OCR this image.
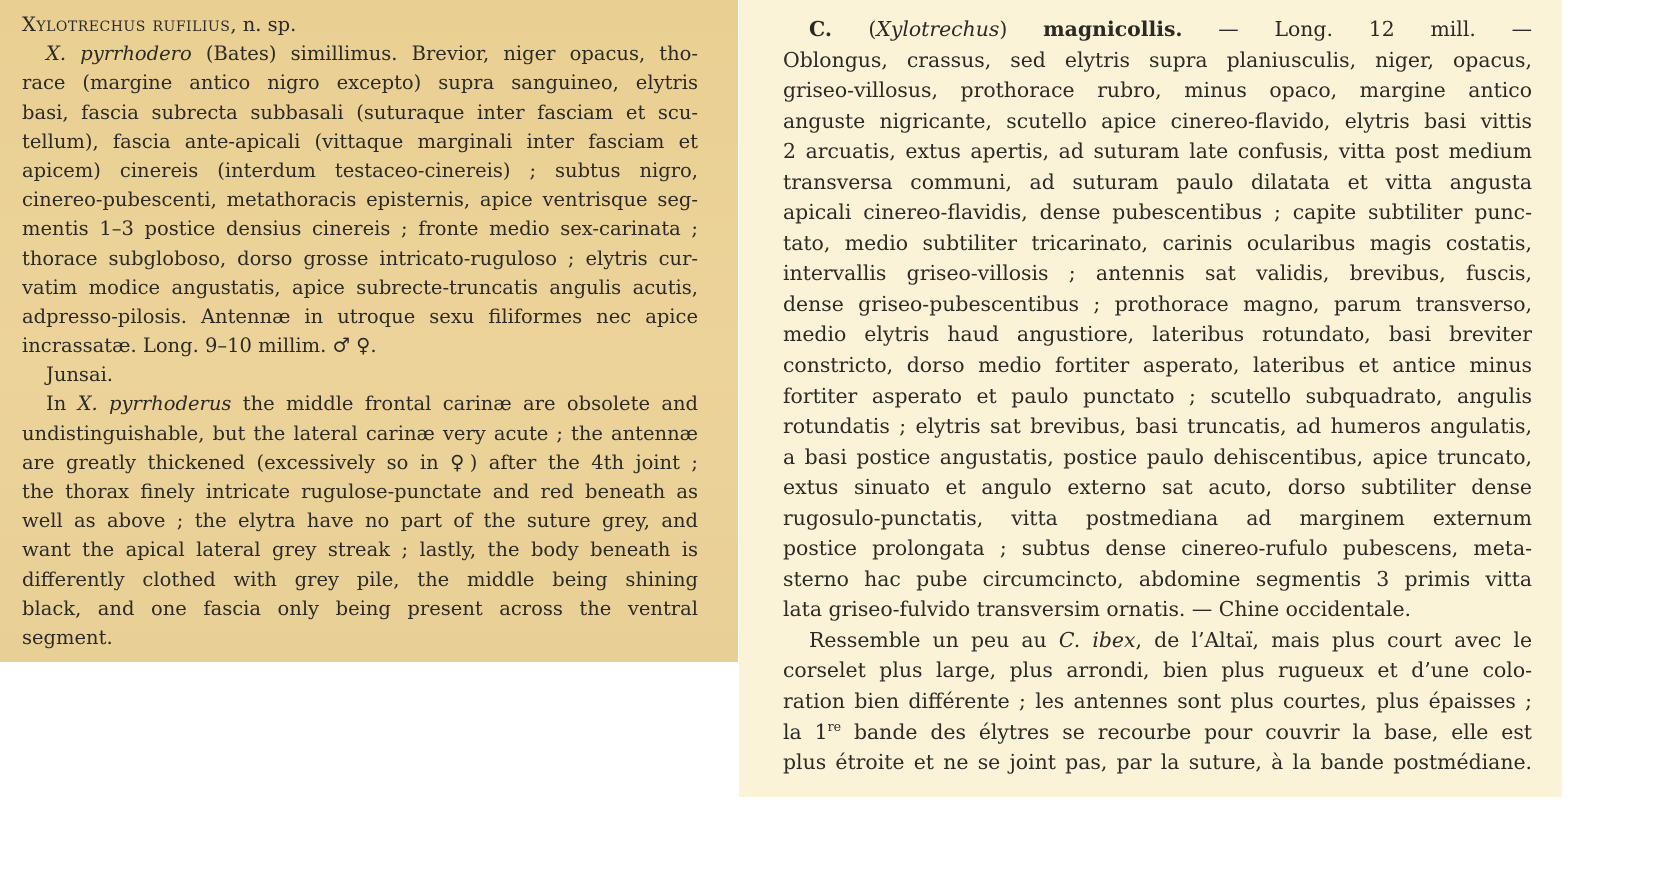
Xylotrechus rufilius, n. sp.
X. pyrrhodero (Bates) simillimus. Brevior, niger opacus, tho-
race (margine antico nigro excepto) supra sanguineo, elytris
basi, fascia subrecta subbasali (suturaque inter fasciam et scu-
tellum), fascia ante-apicali (vittaque marginali inter fasciam et
apicem) cinereis (interdum testaceo-cinereis) ; subtus nigro,
cinereo-pubescenti, metathoracis episternis, apice ventrisque seg-
mentis 1–3 postice densius cinereis ; fronte medio sex-carinata ;
thorace subgloboso, dorso grosse intricato-ruguloso ; elytris cur-
vatim modice angustatis, apice subrecte-truncatis angulis acutis,
adpresso-pilosis. Antennæ in utroque sexu filiformes nec apice
incrassatæ. Long. 9–10 millim. ♂ ♀.
Junsai.
In X. pyrrhoderus the middle frontal carinæ are obsolete and
undistinguishable, but the lateral carinæ very acute ; the antennæ
are greatly thickened (excessively so in ♀) after the 4th joint ;
the thorax finely intricate rugulose-punctate and red beneath as
well as above ; the elytra have no part of the suture grey, and
want the apical lateral grey streak ; lastly, the body beneath is
differently clothed with grey pile, the middle being shining
black, and one fascia only being present across the ventral
segment.
C. (Xylotrechus) magnicollis. — Long. 12 mill. —
Oblongus, crassus, sed elytris supra planiusculis, niger, opacus,
griseo-villosus, prothorace rubro, minus opaco, margine antico
anguste nigricante, scutello apice cinereo-flavido, elytris basi vittis
2 arcuatis, extus apertis, ad suturam late confusis, vitta post medium
transversa communi, ad suturam paulo dilatata et vitta angusta
apicali cinereo-flavidis, dense pubescentibus ; capite subtiliter punc-
tato, medio subtiliter tricarinato, carinis ocularibus magis costatis,
intervallis griseo-villosis ; antennis sat validis, brevibus, fuscis,
dense griseo-pubescentibus ; prothorace magno, parum transverso,
medio elytris haud angustiore, lateribus rotundato, basi breviter
constricto, dorso medio fortiter asperato, lateribus et antice minus
fortiter asperato et paulo punctato ; scutello subquadrato, angulis
rotundatis ; elytris sat brevibus, basi truncatis, ad humeros angulatis,
a basi postice angustatis, postice paulo dehiscentibus, apice truncato,
extus sinuato et angulo externo sat acuto, dorso subtiliter dense
rugosulo-punctatis, vitta postmediana ad marginem externum
postice prolongata ; subtus dense cinereo-rufulo pubescens, meta-
sterno hac pube circumcincto, abdomine segmentis 3 primis vitta
lata griseo-fulvido transversim ornatis. — Chine occidentale.
Ressemble un peu au C. ibex, de l’Altaï, mais plus court avec le
corselet plus large, plus arrondi, bien plus rugueux et d’une colo-
ration bien différente ; les antennes sont plus courtes, plus épaisses ;
la 1re bande des élytres se recourbe pour couvrir la base, elle est
plus étroite et ne se joint pas, par la suture, à la bande postmédiane.
